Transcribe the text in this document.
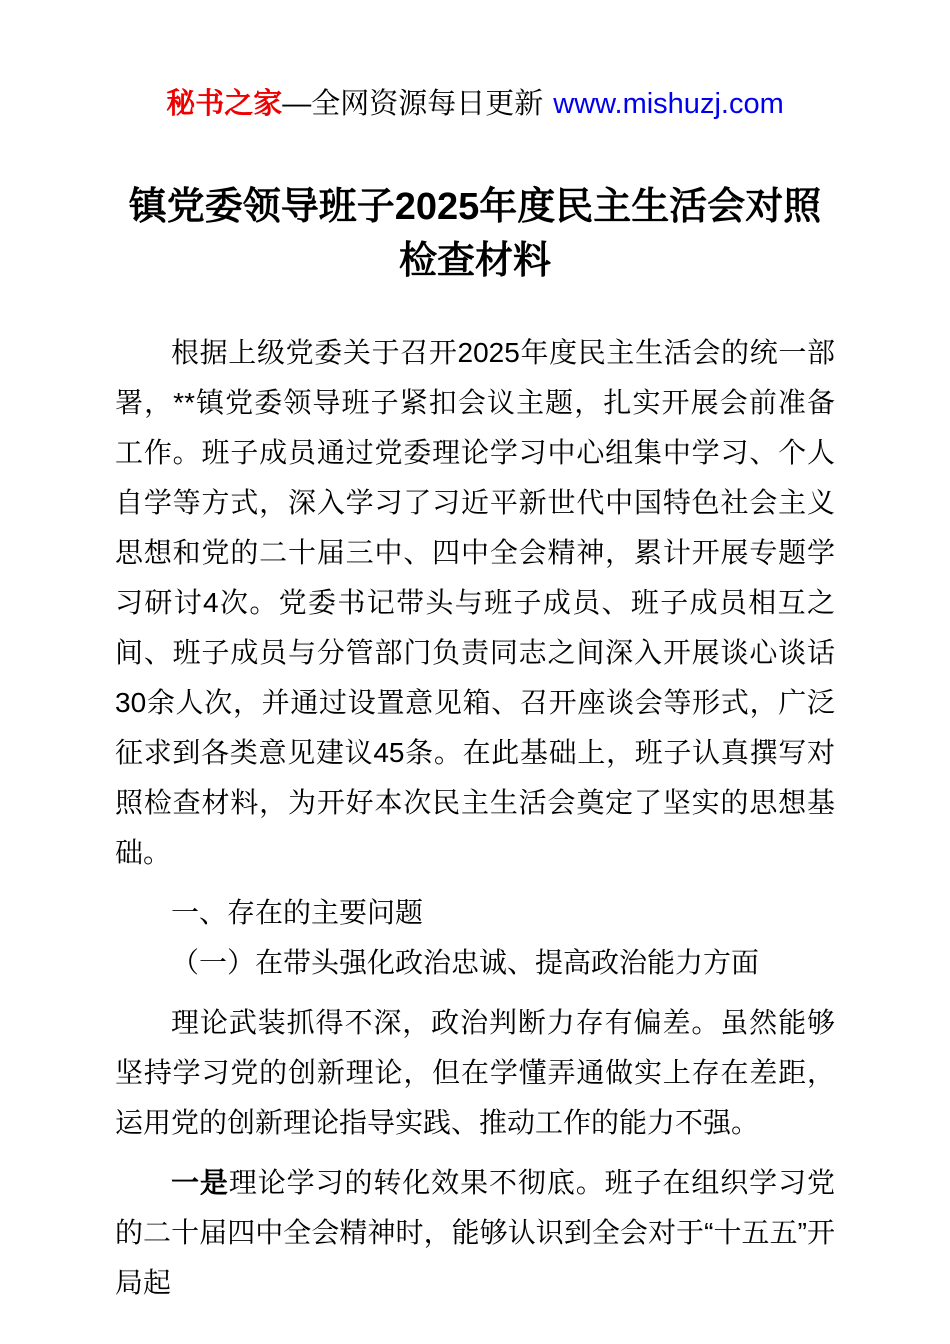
秘书之家—全网资源每日更新 www.mishuzj.com
镇党委领导班子2025年度民主生活会对照
检查材料

根据上级党委关于召开2025年度民主生活会的统一部署，**镇党委领导班子紧扣会议主题，扎实开展会前准备工作。班子成员通过党委理论学习中心组集中学习、个人自学等方式，深入学习了习近平新世代中国特色社会主义思想和党的二十届三中、四中全会精神，累计开展专题学习研讨4次。党委书记带头与班子成员、班子成员相互之间、班子成员与分管部门负责同志之间深入开展谈心谈话30余人次，并通过设置意见箱、召开座谈会等形式，广泛征求到各类意见建议45条。在此基础上，班子认真撰写对照检查材料，为开好本次民主生活会奠定了坚实的思想基础。

一、存在的主要问题

（一）在带头强化政治忠诚、提高政治能力方面

理论武装抓得不深，政治判断力存有偏差。虽然能够坚持学习党的创新理论，但在学懂弄通做实上存在差距，运用党的创新理论指导实践、推动工作的能力不强。

一是理论学习的转化效果不彻底。班子在组织学习党的二十届四中全会精神时，能够认识到全会对于“十五五”开局起
